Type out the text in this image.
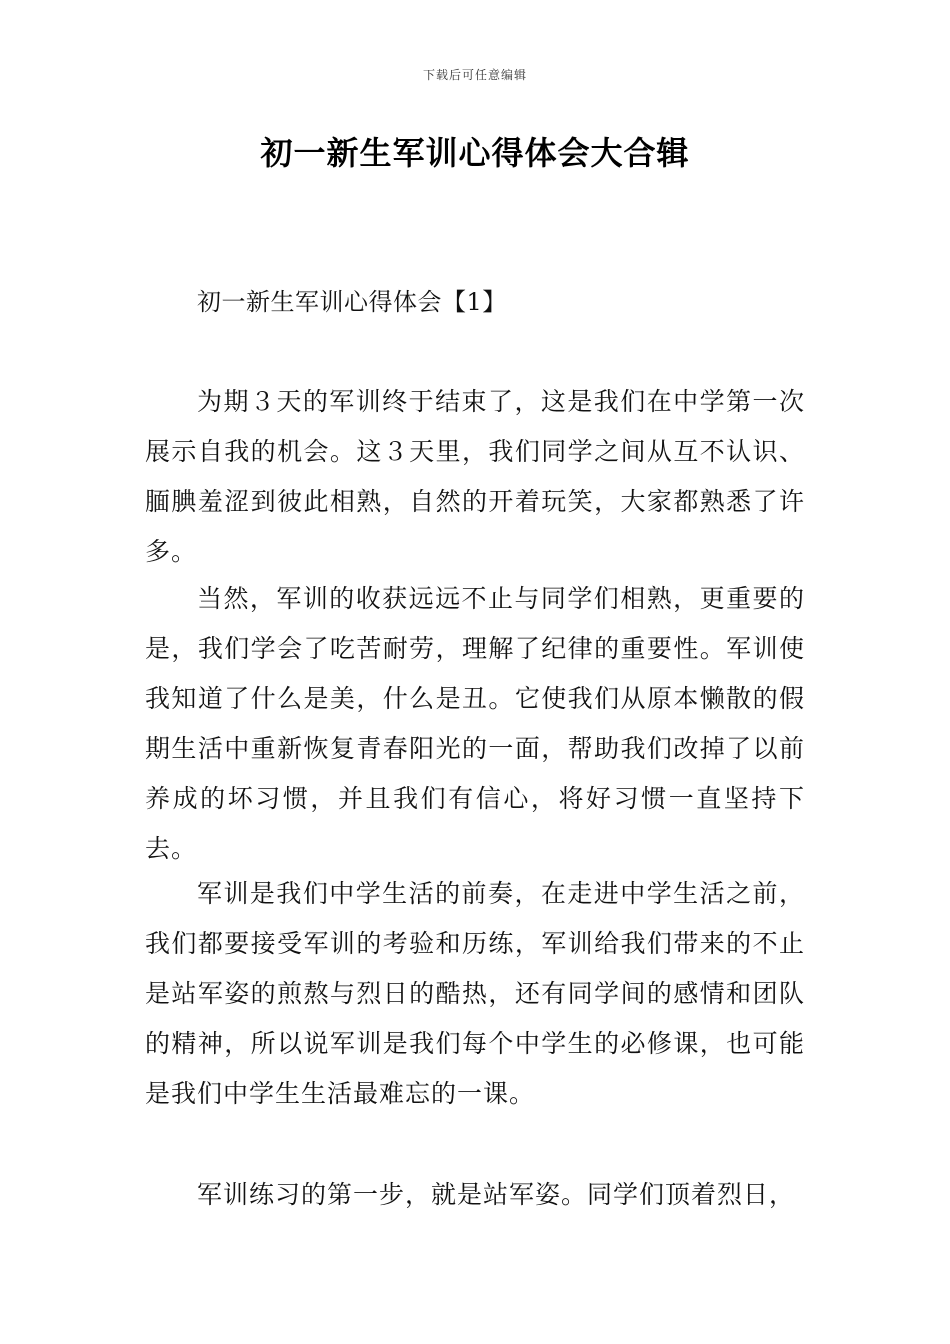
下载后可任意编辑
初一新生军训心得体会大合辑
初一新生军训心得体会【1】

为期３天的军训终于结束了，这是我们在中学第一次展示自我的机会。这３天里，我们同学之间从互不认识、腼腆羞涩到彼此相熟，自然的开着玩笑，大家都熟悉了许多。

当然，军训的收获远远不止与同学们相熟，更重要的是，我们学会了吃苦耐劳，理解了纪律的重要性。军训使我知道了什么是美，什么是丑。它使我们从原本懒散的假期生活中重新恢复青春阳光的一面，帮助我们改掉了以前养成的坏习惯，并且我们有信心，将好习惯一直坚持下去。

军训是我们中学生活的前奏，在走进中学生活之前，我们都要接受军训的考验和历练，军训给我们带来的不止是站军姿的煎熬与烈日的酷热，还有同学间的感情和团队的精神，所以说军训是我们每个中学生的必修课，也可能是我们中学生生活最难忘的一课。

军训练习的第一步，就是站军姿。同学们顶着烈日，
